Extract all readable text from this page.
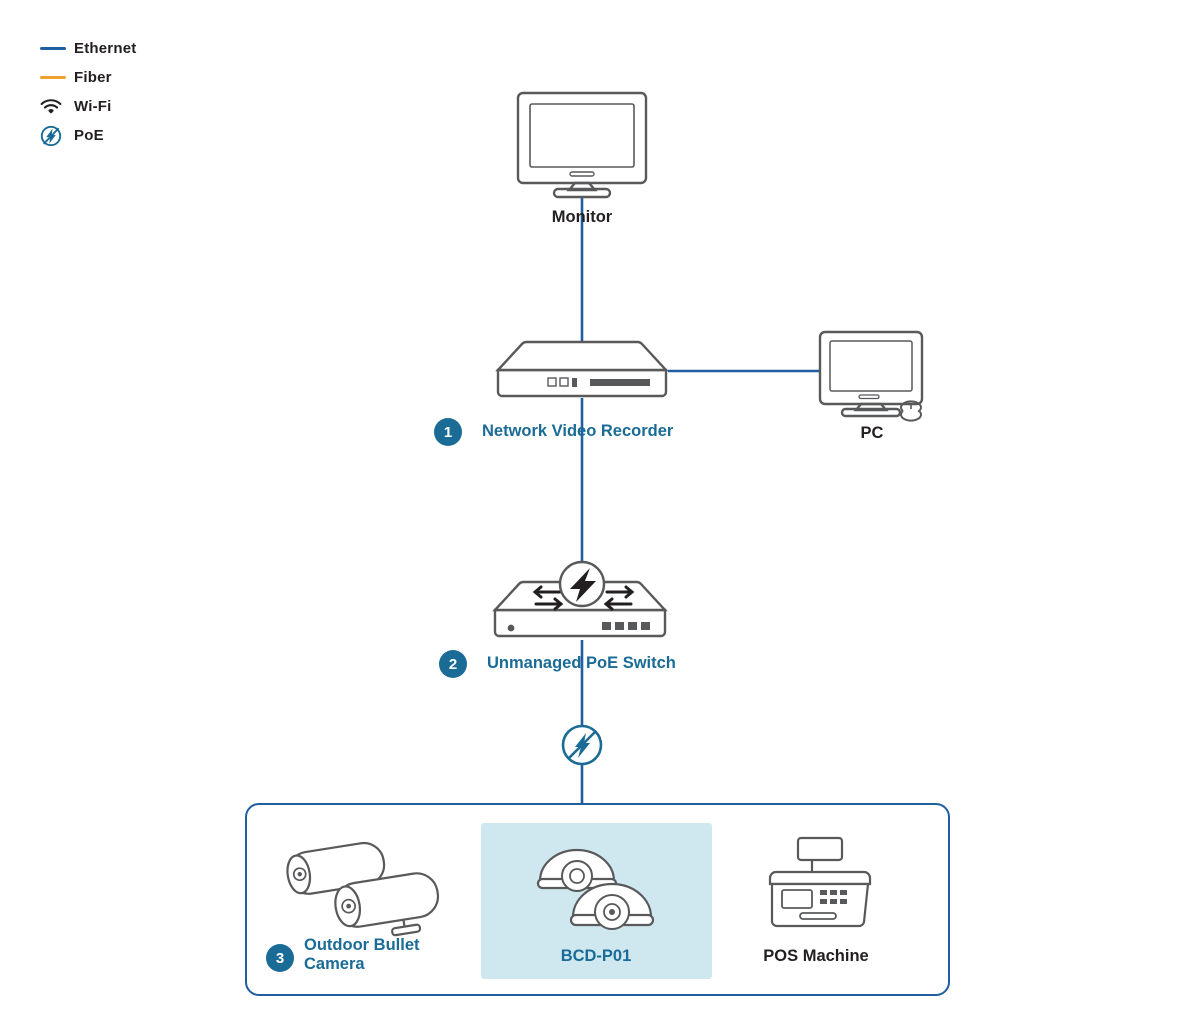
Ethernet
Fiber
Wi-Fi
PoE
Monitor
1	Network Video Recorder	PC
2	Unmanaged PoE Switch
3
Outdoor Bullet Camera	BCD-P01	POS Machine
